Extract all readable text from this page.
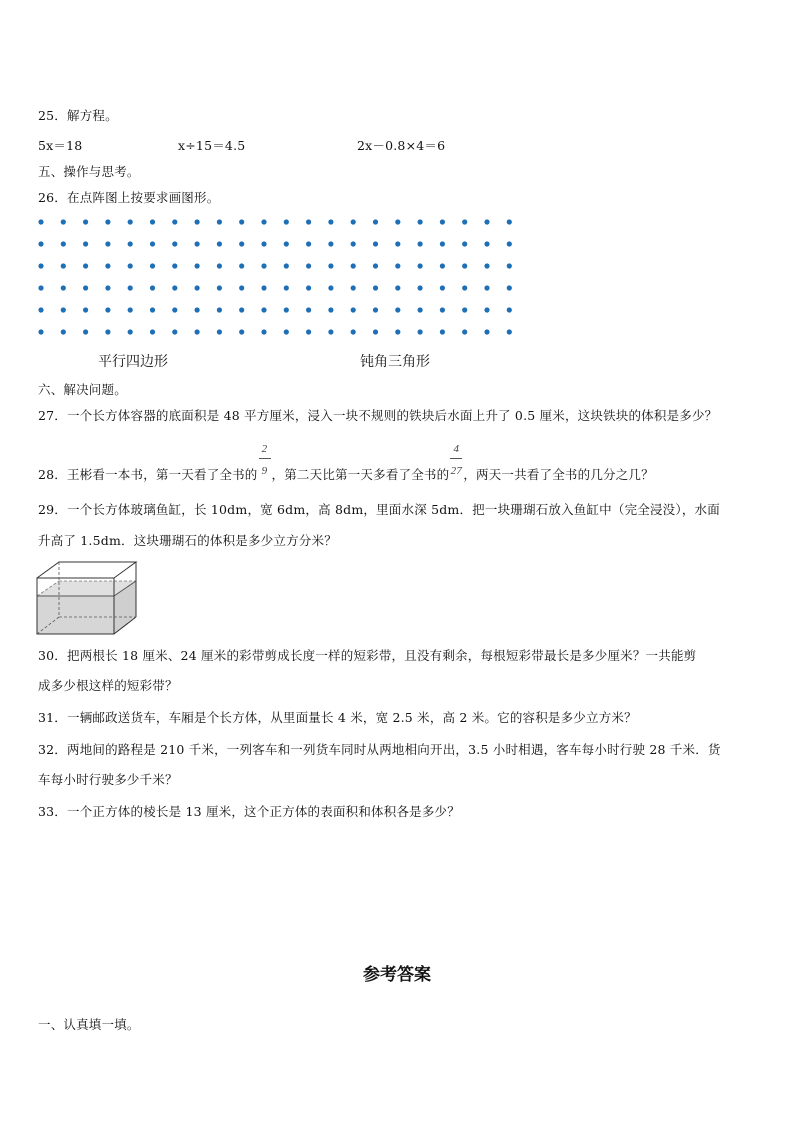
25．解方程。
5x＝18	x÷15＝4.5	2x－0.8×4＝6
五、操作与思考。
26．在点阵图上按要求画图形。
平行四边形	钝角三角形
六、解决问题。
27．一个长方体容器的底面积是 48 平方厘米，浸入一块不规则的铁块后水面上升了 0.5 厘米，这块铁块的体积是多少？
28．王彬看一本书，第一天看了全书的 $\frac{2}{9}$ ，第二天比第一天多看了全书的 $\frac{4}{27}$ ，两天一共看了全书的几分之几？
29．一个长方体玻璃鱼缸，长 10dm，宽 6dm，高 8dm，里面水深 5dm．把一块珊瑚石放入鱼缸中（完全浸没），水面
升高了 1.5dm．这块珊瑚石的体积是多少立方分米？
30．把两根长 18 厘米、24 厘米的彩带剪成长度一样的短彩带，且没有剩余，每根短彩带最长是多少厘米？一共能剪
成多少根这样的短彩带？
31．一辆邮政送货车，车厢是个长方体，从里面量长 4 米，宽 2.5 米，高 2 米。它的容积是多少立方米？
32．两地间的路程是 210 千米，一列客车和一列货车同时从两地相向开出，3.5 小时相遇，客车每小时行驶 28 千米．货
车每小时行驶多少千米？
33．一个正方体的棱长是 13 厘米，这个正方体的表面积和体积各是多少？
参考答案
一、认真填一填。
